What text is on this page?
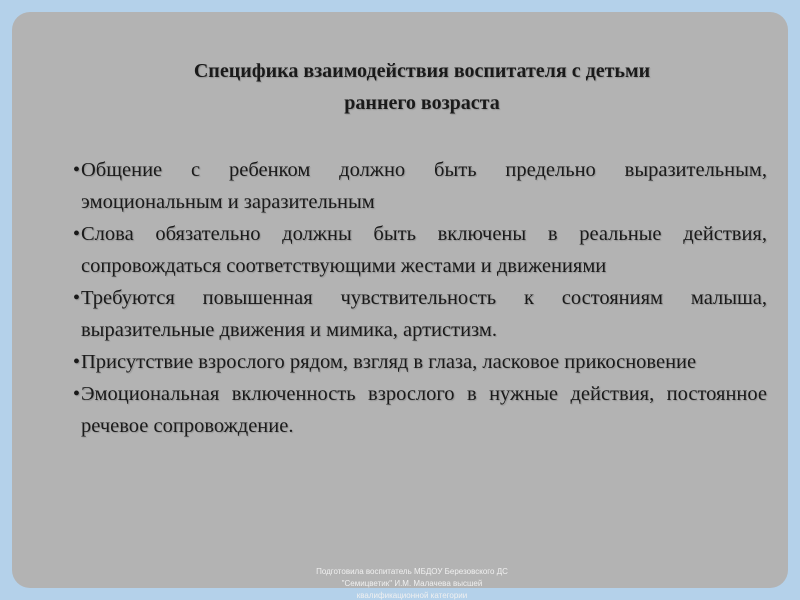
Специфика взаимодействия воспитателя с детьми
раннего возраста
• Общение с ребенком должно быть предельно выразительным, эмоциональным и заразительным
• Слова обязательно должны быть включены в реальные действия, сопровождаться соответствующими жестами и движениями
• Требуются повышенная чувствительность к состояниям малыша, выразительные движения и мимика, артистизм.
• Присутствие взрослого рядом, взгляд в глаза, ласковое прикосновение
• Эмоциональная включенность взрослого в нужные действия, постоянное речевое сопровождение.

Подготовила воспитатель МБДОУ Березовского ДС
"Семицветик" И.М. Малачева высшей
квалификационной категории
